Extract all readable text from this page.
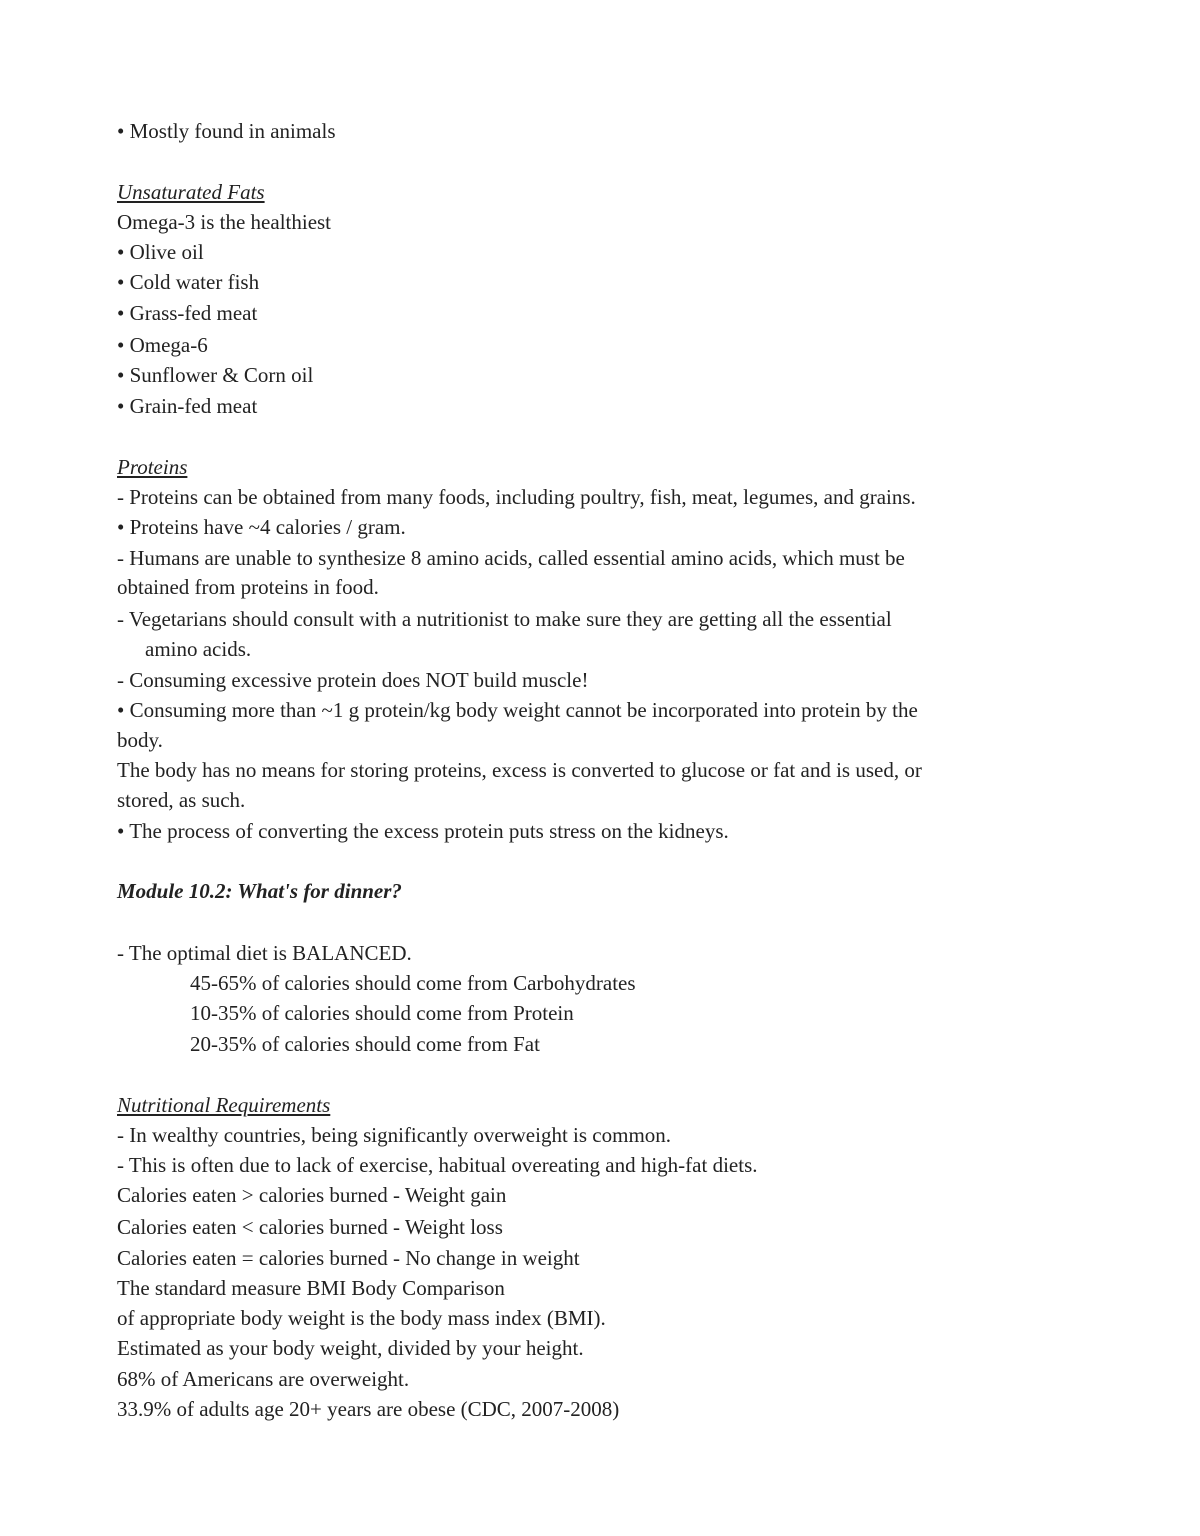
• Mostly found in animals
Unsaturated Fats
Omega-3 is the healthiest
• Olive oil
• Cold water fish
• Grass-fed meat
• Omega-6
• Sunflower & Corn oil
• Grain-fed meat
Proteins
- Proteins can be obtained from many foods, including poultry, fish, meat, legumes, and grains.
• Proteins have ~4 calories / gram.
- Humans are unable to synthesize 8 amino acids, called essential amino acids, which must be
obtained from proteins in food.
- Vegetarians should consult with a nutritionist to make sure they are getting all the essential
amino acids.
- Consuming excessive protein does NOT build muscle!
• Consuming more than ~1 g protein/kg body weight cannot be incorporated into protein by the
body.
The body has no means for storing proteins, excess is converted to glucose or fat and is used, or
stored, as such.
• The process of converting the excess protein puts stress on the kidneys.
Module 10.2: What's for dinner?
- The optimal diet is BALANCED.
45-65% of calories should come from Carbohydrates
10-35% of calories should come from Protein
20-35% of calories should come from Fat
Nutritional Requirements
- In wealthy countries, being significantly overweight is common.
- This is often due to lack of exercise, habitual overeating and high-fat diets.
Calories eaten > calories burned - Weight gain
Calories eaten < calories burned - Weight loss
Calories eaten = calories burned - No change in weight
The standard measure BMI Body Comparison
of appropriate body weight is the body mass index (BMI).
Estimated as your body weight, divided by your height.
68% of Americans are overweight.
33.9% of adults age 20+ years are obese (CDC, 2007-2008)
